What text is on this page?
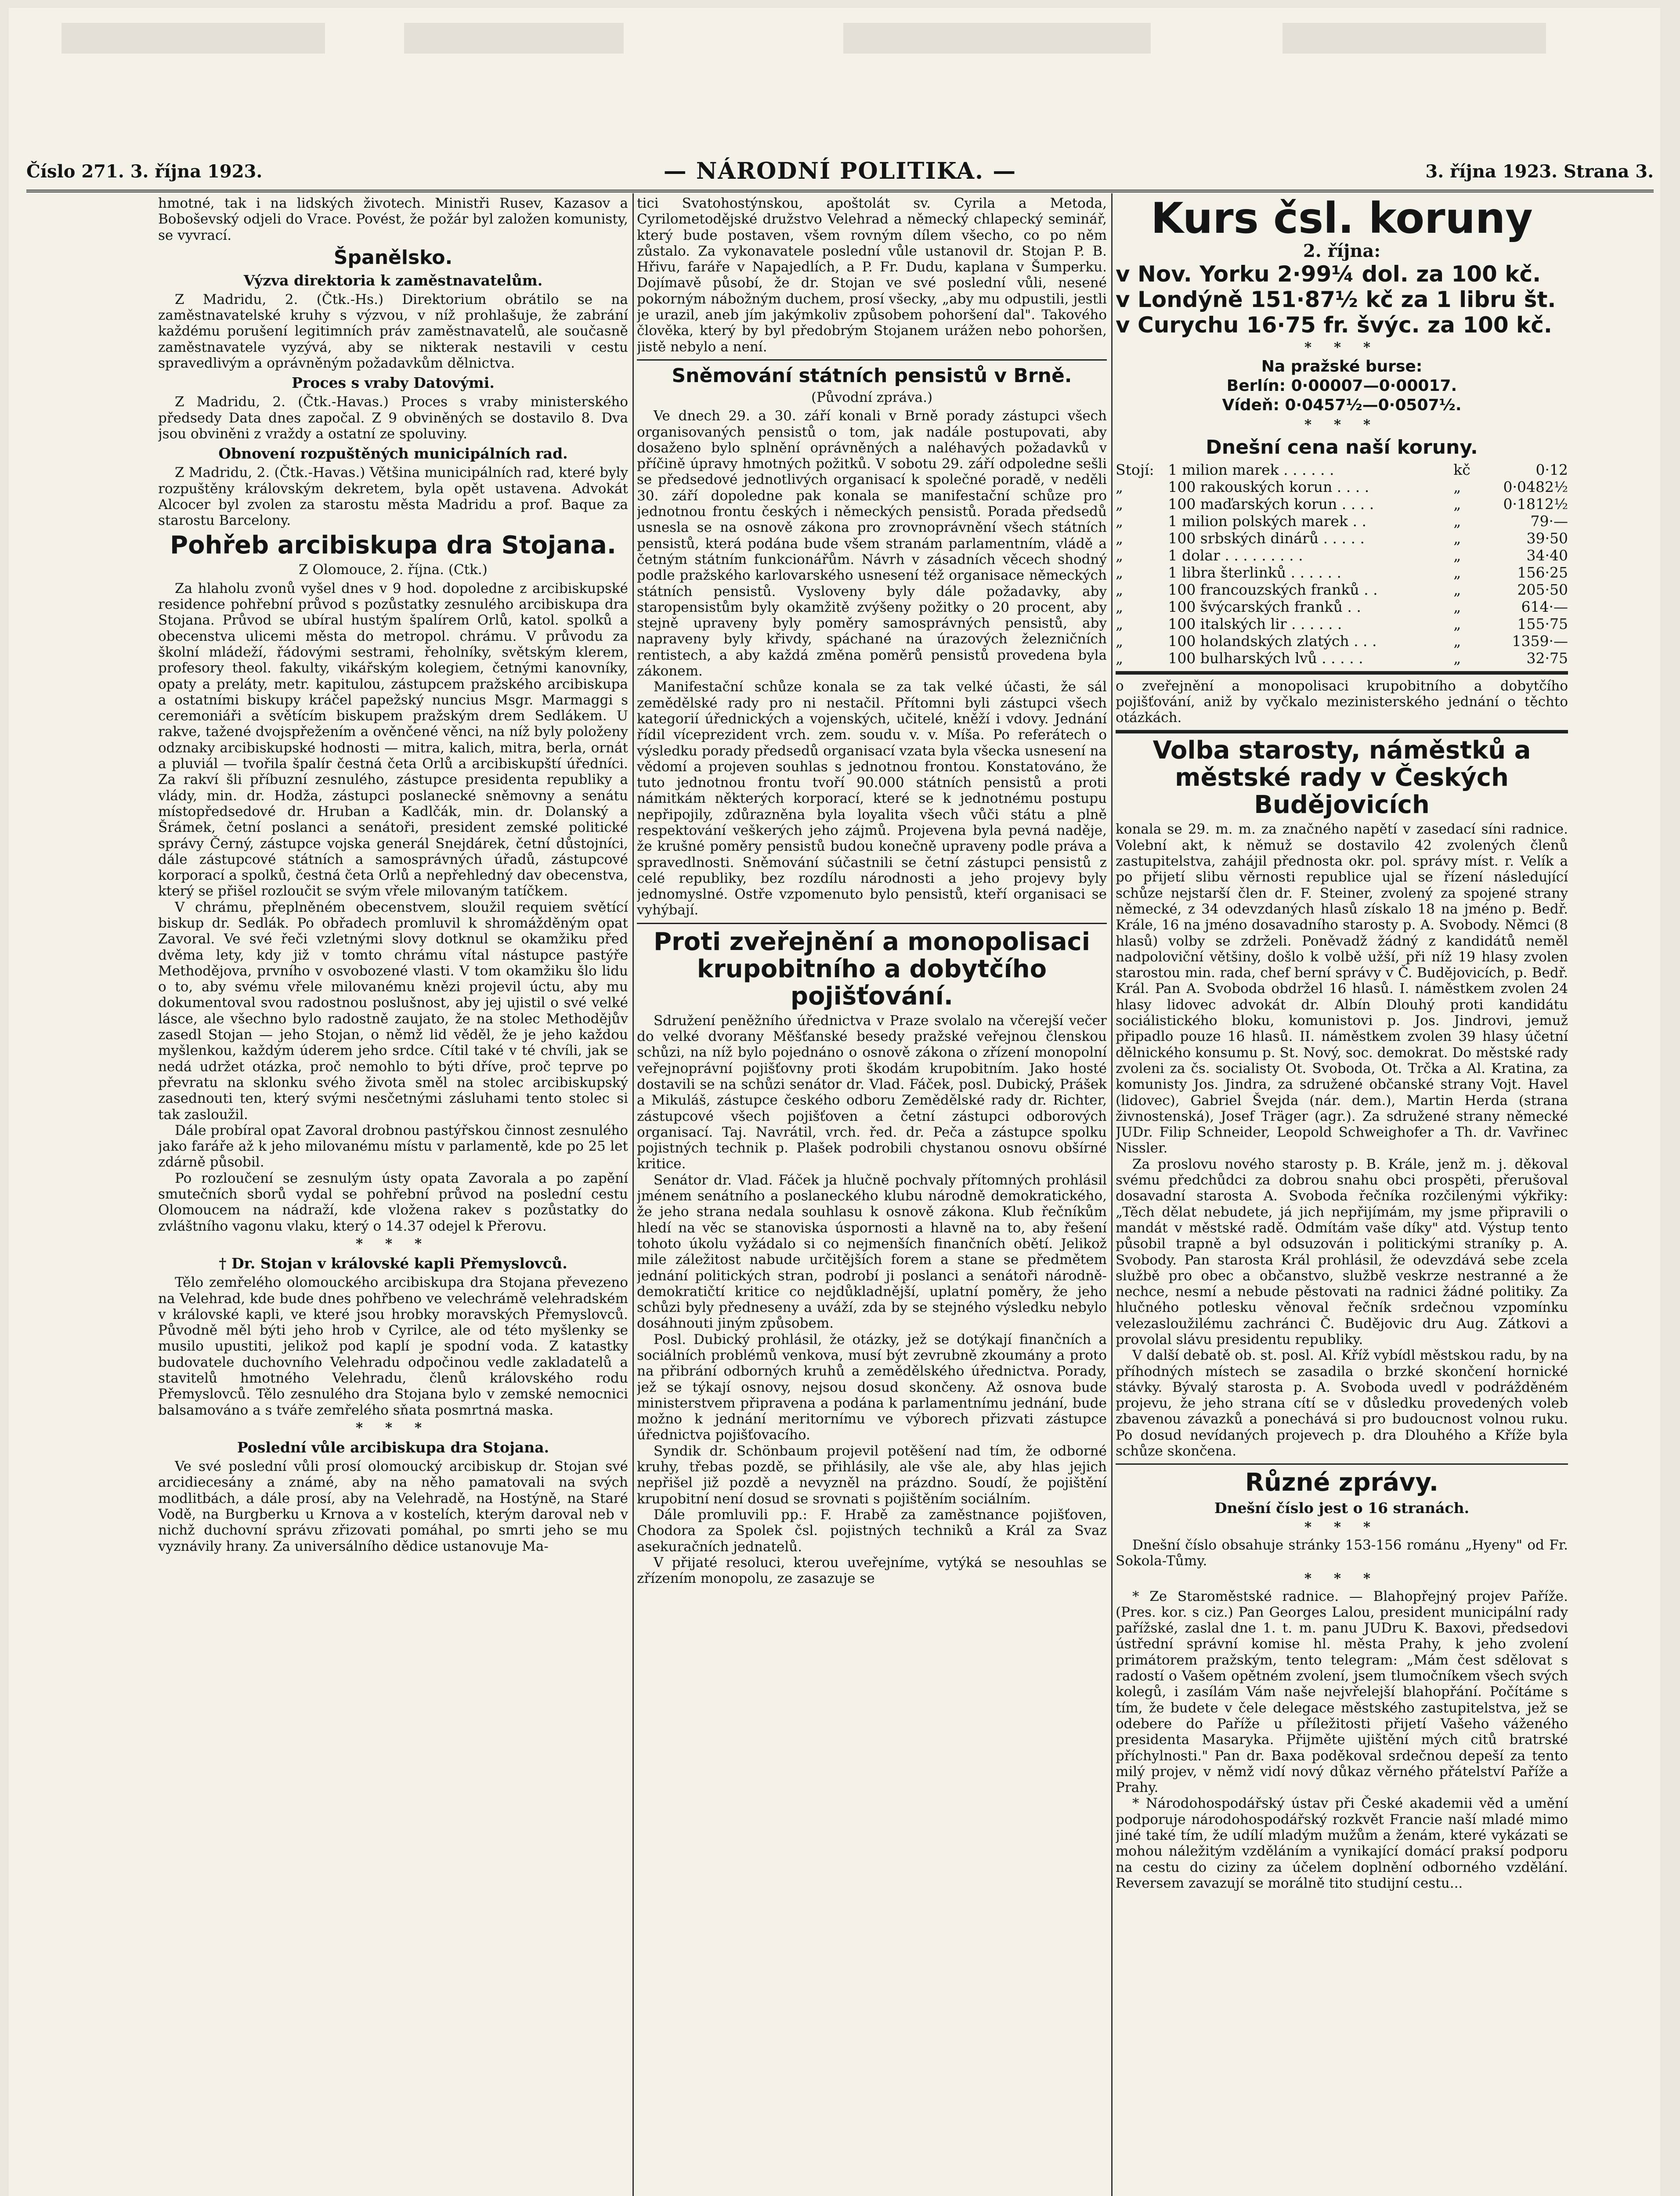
Číslo 271. 3. října 1923.	— NÁRODNÍ POLITIKA. —	3. října 1923. Strana 3.

hmotné, tak i na lidských životech. Ministři Rusev, Kazasov a Boboševský odjeli do Vrace. Povést, že požár byl založen komunisty, se vyvrací.

Španělsko.
Výzva direktoria k zaměstnavatelům.

Z Madridu, 2. (Čtk.-Hs.) Direktorium obrátilo se na zaměstnavatelské kruhy s výzvou, v níž prohlašuje, že zabrání každému porušení legitimních práv zaměstnavatelů, ale současně zaměstnavatele vyzývá, aby se nikterak nestavili v cestu spravedlivým a oprávněným požadavkům dělnictva.

Proces s vraby Datovými.

Z Madridu, 2. (Čtk.-Havas.) Proces s vraby ministerského předsedy Data dnes započal. Z 9 obviněných se dostavilo 8. Dva jsou obviněni z vraždy a ostatní ze spoluviny.

Obnovení rozpuštěných municipálních rad.

Z Madridu, 2. (Čtk.-Havas.) Většina municipálních rad, které byly rozpuštěny královským dekretem, byla opět ustavena. Advokát Alcocer byl zvolen za starostu města Madridu a prof. Baque za starostu Barcelony.

Pohřeb arcibiskupa dra Stojana.
Z Olomouce, 2. října. (Ctk.)

Za hlaholu zvonů vyšel dnes v 9 hod. dopoledne z arcibiskupské residence pohřební průvod s pozůstatky zesnulého arcibiskupa dra Stojana. Průvod se ubíral hustým špalírem Orlů, katol. spolků a obecenstva ulicemi města do metropol. chrámu. V průvodu za školní mládeží, řádovými sestrami, řeholníky, světským klerem, profesory theol. fakulty, vikářským kolegiem, četnými kanovníky, opaty a preláty, metr. kapitulou, zástupcem pražského arcibiskupa a ostatními biskupy kráčel papežský nuncius Msgr. Marmaggi s ceremoniáři a světícím biskupem pražským drem Sedlákem. U rakve, tažené dvojspřežením a ověnčené věnci, na níž byly položeny odznaky arcibiskupské hodnosti — mitra, kalich, mitra, berla, ornát a pluviál — tvořila špalír čestná četa Orlů a arcibiskupští úředníci. Za rakví šli příbuzní zesnulého, zástupce presidenta republiky a vlády, min. dr. Hodža, zástupci poslanecké sněmovny a senátu místopředsedové dr. Hruban a Kadlčák, min. dr. Dolanský a Šrámek, četní poslanci a senátoři, president zemské politické správy Černý, zástupce vojska generál Snejdárek, četní důstojníci, dále zástupcové státních a samosprávných úřadů, zástupcové korporací a spolků, čestná četa Orlů a nepřehledný dav obecenstva, který se přišel rozloučit se svým vřele milovaným tatíčkem.

V chrámu, přeplněném obecenstvem, sloužil requiem světící biskup dr. Sedlák. Po obřadech promluvil k shromážděným opat Zavoral. Ve své řeči vzletnými slovy dotknul se okamžiku před dvěma lety, kdy již v tomto chrámu vítal nástupce pastýře Methodějova, prvního v osvobozené vlasti. V tom okamžiku šlo lidu o to, aby svému vřele milovanému knězi projevil úctu, aby mu dokumentoval svou radostnou poslušnost, aby jej ujistil o své velké lásce, ale všechno bylo radostně zaujato, že na stolec Methodějův zasedl Stojan — jeho Stojan, o němž lid věděl, že je jeho každou myšlenkou, každým úderem jeho srdce. Cítil také v té chvíli, jak se nedá udržet otázka, proč nemohlo to býti dříve, proč teprve po převratu na sklonku svého života směl na stolec arcibiskupský zasednouti ten, který svými nesčetnými zásluhami tento stolec si tak zasloužil.

Dále probíral opat Zavoral drobnou pastýřskou činnost zesnulého jako faráře až k jeho milovanému místu v parlamentě, kde po 25 let zdárně působil.

Po rozloučení se zesnulým ústy opata Zavorala a po zapění smutečních sborů vydal se pohřební průvod na poslední cestu Olomoucem na nádraží, kde vložena rakev s pozůstatky do zvláštního vagonu vlaku, který o 14.37 odejel k Přerovu.

* * *
† Dr. Stojan v královské kapli Přemyslovců.

Tělo zemřelého olomouckého arcibiskupa dra Stojana převezeno na Velehrad, kde bude dnes pohřbeno ve velechrámě velehradském v královské kapli, ve které jsou hrobky moravských Přemyslovců. Původně měl býti jeho hrob v Cyrilce, ale od této myšlenky se musilo upustiti, jelikož pod kaplí je spodní voda. Z katastky budovatele duchovního Velehradu odpočinou vedle zakladatelů a stavitelů hmotného Velehradu, členů královského rodu Přemyslovců. Tělo zesnulého dra Stojana bylo v zemské nemocnici balsamováno a s tváře zemřelého sňata posmrtná maska.

* * *
Poslední vůle arcibiskupa dra Stojana.

Ve své poslední vůli prosí olomoucký arcibiskup dr. Stojan své arcidiecesány a známé, aby na něho pamatovali na svých modlitbách, a dále prosí, aby na Velehradě, na Hostýně, na Staré Vodě, na Burgberku u Krnova a v kostelích, kterým daroval neb v nichž duchovní správu zřizovati pomáhal, po smrti jeho se mu vyznávily hrany. Za universálního dědice ustanovuje Ma-

tici Svatohostýnskou, apoštolát sv. Cyrila a Metoda, Cyrilometodějské družstvo Velehrad a německý chlapecký seminář, který bude postaven, všem rovným dílem všecho, co po něm zůstalo. Za vykonavatele poslední vůle ustanovil dr. Stojan P. B. Hřivu, faráře v Napajedlích, a P. Fr. Dudu, kaplana v Šumperku. Dojímavě působí, že dr. Stojan ve své poslední vůli, nesené pokorným nábožným duchem, prosí všecky, „aby mu odpustili, jestli je urazil, aneb jím jakýmkoliv způsobem pohoršení dal". Takového člověka, který by byl předobrým Stojanem urážen nebo pohoršen, jistě nebylo a není.

Sněmování státních pensistů v Brně.
(Původní zpráva.)

Ve dnech 29. a 30. září konali v Brně porady zástupci všech organisovaných pensistů o tom, jak nadále postupovati, aby dosaženo bylo splnění oprávněných a naléhavých požadavků v příčině úpravy hmotných požitků. V sobotu 29. září odpoledne sešli se předsedové jednotlivých organisací k společné poradě, v neděli 30. září dopoledne pak konala se manifestační schůze pro jednotnou frontu českých i německých pensistů. Porada předsedů usnesla se na osnově zákona pro zrovnoprávnění všech státních pensistů, která podána bude všem stranám parlamentním, vládě a četným státním funkcionářům. Návrh v zásadních věcech shodný podle pražského karlovarského usnesení též organisace německých státních pensistů. Vysloveny byly dále požadavky, aby staropensistům byly okamžitě zvýšeny požitky o 20 procent, aby stejně upraveny byly poměry samosprávných pensistů, aby napraveny byly křivdy, spáchané na úrazových železničních rentistech, a aby každá změna poměrů pensistů provedena byla zákonem.

Manifestační schůze konala se za tak velké účasti, že sál zemědělské rady pro ni nestačil. Přítomni byli zástupci všech kategorií úřednických a vojenských, učitelé, kněží i vdovy. Jednání řídil víceprezident vrch. zem. soudu v. v. Míša. Po referátech o výsledku porady předsedů organisací vzata byla všecka usnesení na vědomí a projeven souhlas s jednotnou frontou. Konstatováno, že tuto jednotnou frontu tvoří 90.000 státních pensistů a proti námitkám některých korporací, které se k jednotnému postupu nepřipojily, zdůrazněna byla loyalita všech vůči státu a plně respektování veškerých jeho zájmů. Projevena byla pevná naděje, že krušné poměry pensistů budou konečně upraveny podle práva a spravedlnosti. Sněmování súčastnili se četní zástupci pensistů z celé republiky, bez rozdílu národnosti a jeho projevy byly jednomyslné. Ostře vzpomenuto bylo pensistů, kteří organisaci se vyhýbají.

Proti zveřejnění a monopolisaci krupobitního a dobytčího pojišťování.

Sdružení peněžního úřednictva v Praze svolalo na včerejší večer do velké dvorany Měšťanské besedy pražské veřejnou členskou schůzi, na níž bylo pojednáno o osnově zákona o zřízení monopolní veřejnoprávní pojišťovny proti škodám krupobitním. Jako hosté dostavili se na schůzi senátor dr. Vlad. Fáček, posl. Dubický, Prášek a Mikuláš, zástupce českého odboru Zemědělské rady dr. Richter, zástupcové všech pojišťoven a četní zástupci odborových organisací. Taj. Navrátil, vrch. řed. dr. Peča a zástupce spolku pojistných technik p. Plašek podrobili chystanou osnovu obšírné kritice.

Senátor dr. Vlad. Fáček ja hlučně pochvaly přítomných prohlásil jménem senátního a poslaneckého klubu národně demokratického, že jeho strana nedala souhlasu k osnově zákona. Klub řečníkům hledí na věc se stanoviska úspornosti a hlavně na to, aby řešení tohoto úkolu vyžádalo si co nejmenších finančních obětí. Jelikož mile záležitost nabude určitějších forem a stane se předmětem jednání politických stran, podrobí ji poslanci a senátoři národně-demokratičtí kritice co nejdůkladnější, uplatní poměry, že jeho schůzi byly předneseny a uváží, zda by se stejného výsledku nebylo dosáhnouti jiným způsobem.

Posl. Dubický prohlásil, že otázky, jež se dotýkají finančních a sociálních problémů venkova, musí být zevrubně zkoumány a proto na přibrání odborných kruhů a zemědělského úřednictva. Porady, jež se týkají osnovy, nejsou dosud skončeny. Až osnova bude ministerstvem připravena a podána k parlamentnímu jednání, bude možno k jednání meritornímu ve výborech přizvati zástupce úřednictva pojišťovacího.

Syndik dr. Schönbaum projevil potěšení nad tím, že odborné kruhy, třebas pozdě, se přihlásily, ale vše ale, aby hlas jejich nepřišel již pozdě a nevyzněl na prázdno. Soudí, že pojištění krupobitní není dosud se srovnati s pojištěním sociálním.

Dále promluvili pp.: F. Hrabě za zaměstnance pojišťoven, Chodora za Spolek čsl. pojistných techniků a Král za Svaz asekuračních jednatelů.

V přijaté resoluci, kterou uveřejníme, vytýká se nesouhlas se zřízením monopolu, ze zasazuje se

Kurs čsl. koruny
2. října:
v Nov. Yorku 2·99¼ dol. za 100 kč.
v Londýně 151·87½ kč za 1 libru št.
v Curychu 16·75 fr. švýc. za 100 kč.
* * *
Na pražské burse:
Berlín: 0·00007—0·00017.
Vídeň: 0·0457½—0·0507½.
* * *
Dnešní cena naší koruny.
Stojí:	1 milion marek . . . . . .	kč	0·12
„	100 rakouských korun . . . .	„	0·0482½
„	100 maďarských korun . . . .	„	0·1812½
„	1 milion polských marek . .	„	79·—
„	100 srbských dinárů . . . . .	„	39·50
„	1 dolar . . . . . . . . .	„	34·40
„	1 libra šterlinků . . . . . .	„	156·25
„	100 francouzských franků . .	„	205·50
„	100 švýcarských franků . .	„	614·—
„	100 italských lir . . . . . .	„	155·75
„	100 holandských zlatých . . .	„	1359·—
„	100 bulharských lvů . . . . .	„	32·75

o zveřejnění a monopolisaci krupobitního a dobytčího pojišťování, aniž by vyčkalo mezinisterského jednání o těchto otázkách.

Volba starosty, náměstků a městské rady v Českých Budějovicích

konala se 29. m. m. za značného napětí v zasedací síni radnice. Volební akt, k němuž se dostavilo 42 zvolených členů zastupitelstva, zahájil přednosta okr. pol. správy míst. r. Velík a po přijetí slibu věrnosti republice ujal se řízení následující schůze nejstarší člen dr. F. Steiner, zvolený za spojené strany německé, z 34 odevzdaných hlasů získalo 18 na jméno p. Bedř. Krále, 16 na jméno dosavadního starosty p. A. Svobody. Němci (8 hlasů) volby se zdrželi. Poněvadž žádný z kandidátů neměl nadpoloviční většiny, došlo k volbě užší, při níž 19 hlasy zvolen starostou min. rada, chef berní správy v Č. Budějovicích, p. Bedř. Král. Pan A. Svoboda obdržel 16 hlasů. I. náměstkem zvolen 24 hlasy lidovec advokát dr. Albín Dlouhý proti kandidátu sociálistického bloku, komunistovi p. Jos. Jindrovi, jemuž připadlo pouze 16 hlasů. II. náměstkem zvolen 39 hlasy účetní dělnického konsumu p. St. Nový, soc. demokrat. Do městské rady zvoleni za čs. socialisty Ot. Svoboda, Ot. Trčka a Al. Kratina, za komunisty Jos. Jindra, za sdružené občanské strany Vojt. Havel (lidovec), Gabriel Švejda (nár. dem.), Martin Herda (strana živnostenská), Josef Träger (agr.). Za sdružené strany německé JUDr. Filip Schneider, Leopold Schweighofer a Th. dr. Vavřinec Nissler.

Za proslovu nového starosty p. B. Krále, jenž m. j. děkoval svému předchůdci za dobrou snahu obci prospěti, přerušoval dosavadní starosta A. Svoboda řečníka rozčilenými výkřiky: „Těch dělat nebudete, já jich nepřijímám, my jsme připravili o mandát v městské radě. Odmítám vaše díky" atd. Výstup tento působil trapně a byl odsuzován i politickými straníky p. A. Svobody. Pan starosta Král prohlásil, že odevzdává sebe zcela službě pro obec a občanstvo, službě veskrze nestranné a že nechce, nesmí a nebude pěstovati na radnici žádné politiky. Za hlučného potlesku věnoval řečník srdečnou vzpomínku velezasloužilému zachránci Č. Budějovic dru Aug. Zátkovi a provolal slávu presidentu republiky.

V další debatě ob. st. posl. Al. Kříž vybídl městskou radu, by na příhodných místech se zasadila o brzké skončení hornické stávky. Bývalý starosta p. A. Svoboda uvedl v podrážděném projevu, že jeho strana cítí se v důsledku provedených voleb zbavenou závazků a ponechává si pro budoucnost volnou ruku. Po dosud nevídaných projevech p. dra Dlouhého a Kříže byla schůze skončena.

Různé zprávy.
Dnešní číslo jest o 16 stranách.
* * *

Dnešní číslo obsahuje stránky 153-156 románu „Hyeny" od Fr. Sokola-Tůmy.

* * *

* Ze Staroměstské radnice. — Blahopřejný projev Paříže. (Pres. kor. s ciz.) Pan Georges Lalou, president municipální rady pařížské, zaslal dne 1. t. m. panu JUDru K. Baxovi, předsedovi ústřední správní komise hl. města Prahy, k jeho zvolení primátorem pražským, tento telegram: „Mám čest sdělovat s radostí o Vašem opětném zvolení, jsem tlumočníkem všech svých kolegů, i zasílám Vám naše nejvřelejší blahopřání. Počítáme s tím, že budete v čele delegace městského zastupitelstva, jež se odebere do Paříže u příležitosti přijetí Vašeho váženého presidenta Masaryka. Přijměte ujištění mých citů bratrské příchylnosti." Pan dr. Baxa poděkoval srdečnou depeší za tento milý projev, v němž vidí nový důkaz věrného přátelství Paříže a Prahy.

* Národohospodářský ústav při České akademii věd a umění podporuje národohospodářský rozkvět Francie naší mladé mimo jiné také tím, že udílí mladým mužům a ženám, které vykázati se mohou náležitým vzděláním a vynikající domácí praksí podporu na cestu do ciziny za účelem doplnění odborného vzdělání. Reversem zavazují se morálně tito studijní cestu...
